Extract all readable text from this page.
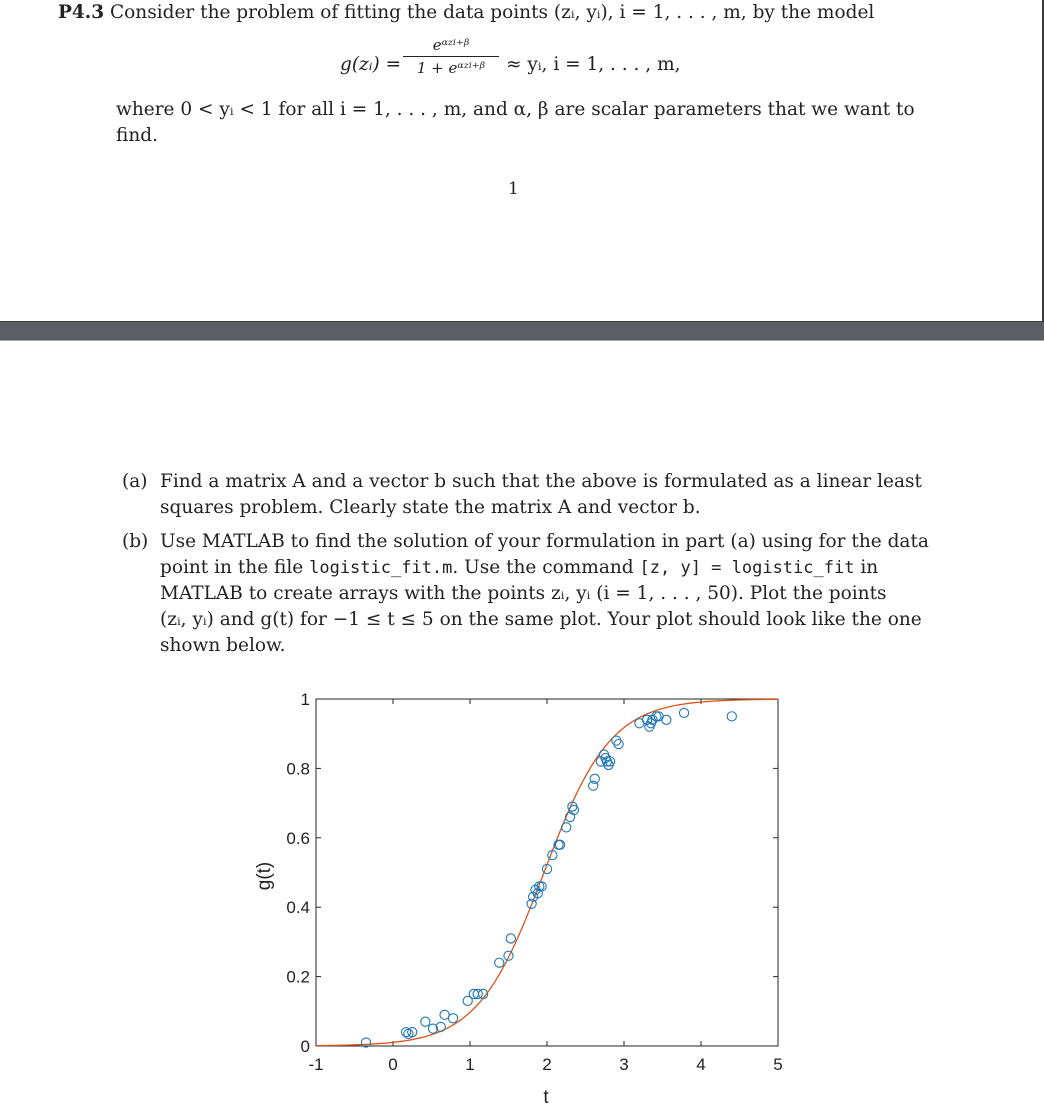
P4.3 Consider the problem of fitting the data points (zᵢ, yᵢ), i = 1, . . . , m, by the model
g(zᵢ) =
eᵅᶻⁱ⁺ᵝ
1 + eᵅᶻⁱ⁺ᵝ	≈ yᵢ, i = 1, . . . , m,
where 0 < yᵢ < 1 for all i = 1, . . . , m, and α, β are scalar parameters that we want to
find.
1
(a) Find a matrix A and a vector b such that the above is formulated as a linear least
squares problem. Clearly state the matrix A and vector b.
(b) Use MATLAB to find the solution of your formulation in part (a) using for the data
point in the file logistic_fit.m. Use the command [z, y] = logistic_fit in
MATLAB to create arrays with the points zᵢ, yᵢ (i = 1, . . . , 50). Plot the points
(zᵢ, yᵢ) and g(t) for −1 ≤ t ≤ 5 on the same plot. Your plot should look like the one
shown below.
-1	0	1	2	3	4	5
0
0.2
0.4
0.6
0.8
1
t
g(t)
